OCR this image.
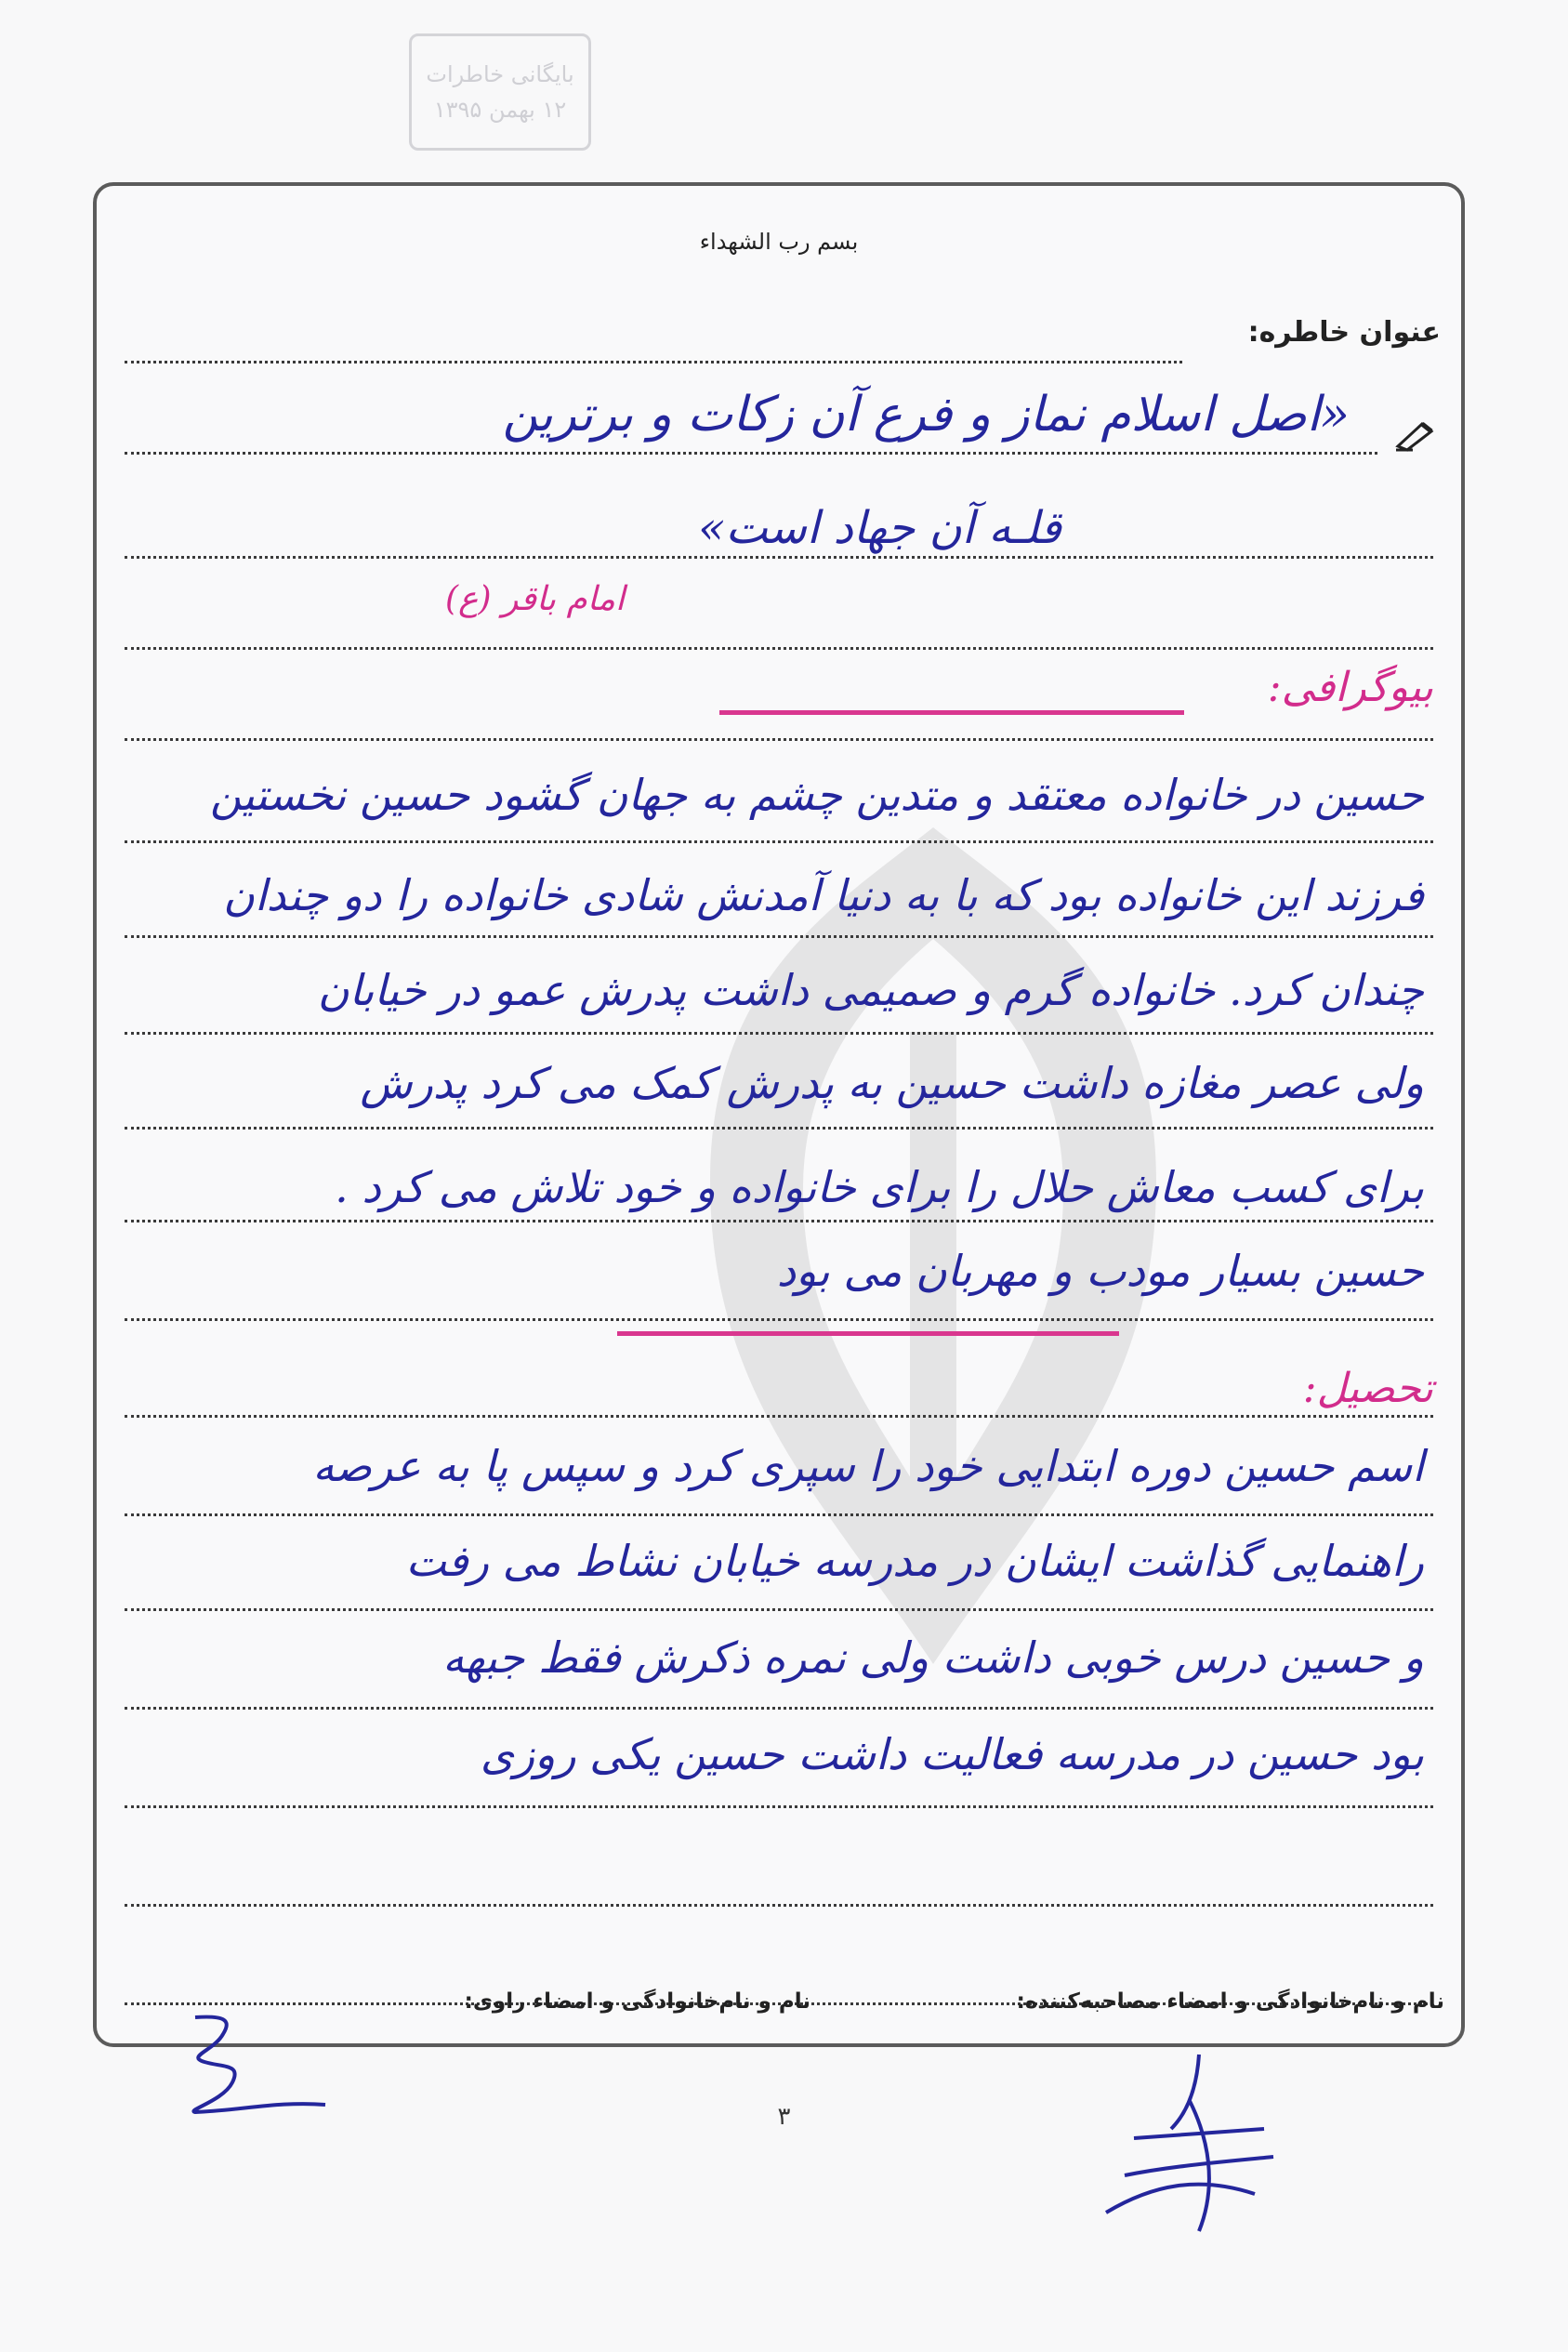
بایگانی خاطرات
۱۲ بهمن ۱۳۹۵
بسم رب الشهداء
عنوان خاطره:
«اصل اسلام نماز و فرع آن زکات و برترین
قلـه آن جهاد است»
امام باقر (ع)
بیوگرافی:
حسین در خانواده معتقد و متدین چشم به جهان گشود حسین نخستین
فرزند این خانواده بود که با به دنیا آمدنش شادی خانواده را دو چندان
چندان کرد. خانواده گرم و صمیمی داشت پدرش عمو در خیابان
ولی عصر مغازه داشت حسین به پدرش کمک می کرد پدرش
برای کسب معاش حلال را برای خانواده و خود تلاش می کرد .
حسین بسیار مودب و مهربان می بود
تحصیل:
اسم حسین دوره ابتدایی خود را سپری کرد و سپس پا به عرصه
راهنمایی گذاشت ایشان در مدرسه خیابان نشاط می رفت
و حسین درس خوبی داشت ولی نمره ذکرش فقط جبهه
بود حسین در مدرسه فعالیت داشت حسین یکی روزی
نام و نام‌خانوادگی و امضاء مصاحبه‌کننده:
نام و نام‌خانوادگی و امضاء راوی:
۳
